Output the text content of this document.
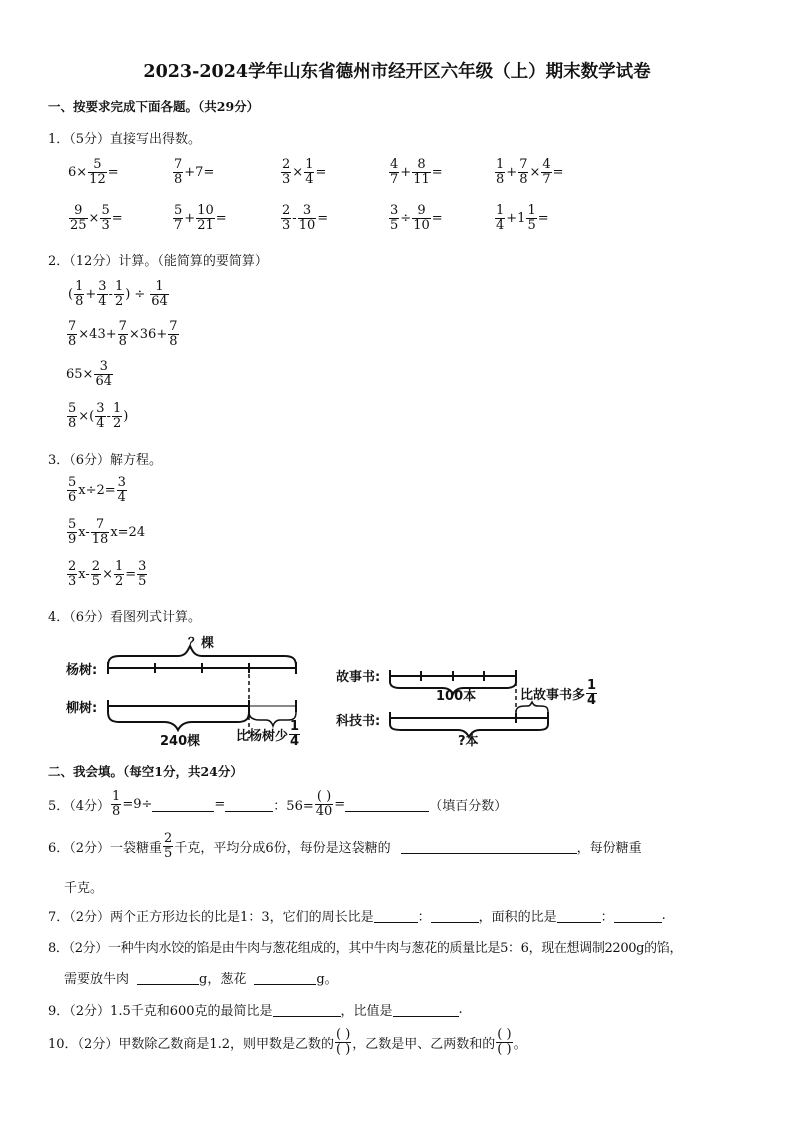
2023-2024学年山东省德州市经开区六年级（上）期末数学试卷
一、按要求完成下面各题。（共29分）
1．（5分）直接写出得数。
$6\times \frac{5}{12}$ =	$\frac{7}{8} +7=$	$\frac{2}{3} \times \frac{1}{4}$ =	$\frac{4}{7} + \frac{8}{11}$ =	$\frac{1}{8} + \frac{7}{8} \times \frac{4}{7}$ =
$\frac{9}{25} \times \frac{5}{3}$ =	$\frac{5}{7} + \frac{10}{21}$ =	$\frac{2}{3} - \frac{3}{10}$ =	$\frac{3}{5} \div \frac{9}{10}$ =	$\frac{1}{4} +1 \frac{1}{5}$ =
2．（12分）计算。（能简算的要简算）
( $\frac{1}{8} + \frac{3}{4} - \frac{1}{2}$ ) ÷ $\frac{1}{64}$
$\frac{7}{8} \times 43+ \frac{7}{8} \times 36+ \frac{7}{8}$
$65\times \frac{3}{64}$
$\frac{5}{8}$ ×( $\frac{3}{4} - \frac{1}{2}$ )
3．（6分）解方程。
$\frac{5}{6} x\div 2= \frac{3}{4}$
$\frac{5}{9} x- \frac{7}{18} x=24$
$\frac{2}{3} x- \frac{2}{5} \times \frac{1}{2} = \frac{3}{5}$
4．（6分）看图列式计算。
？棵
杨树:
柳树:
240棵	比杨树少 $\frac{1}{4}$
故事书:
100本	比故事书多 $\frac{1}{4}$
科技书:
?本
二、我会填。（每空1分，共24分）
5．（4分） $\frac{1}{8} =9\div$	=	：$56= \frac{( )}{40}$ =	（填百分数）
6．（2分）一袋糖重 $\frac{2}{5}$ 千克，平均分成6份，每份是这袋糖的	，每份糖重
千克。
7．（2分）两个正方形边长的比是1：3，它们的周长比是	：	，面积的比是	：	.
8．（2分）一种牛肉水饺的馅是由牛肉与葱花组成的，其中牛肉与葱花的质量比是5：6，现在想调制2200g的馅，
需要放牛肉	g，葱花	g。
9．（2分）1.5千克和600克的最简比是	，比值是	.
10．（2分）甲数除乙数商是1.2，则甲数是乙数的 $\frac{( )}{( )}$ ，乙数是甲、乙两数和的 $\frac{( )}{( )}$ 。
